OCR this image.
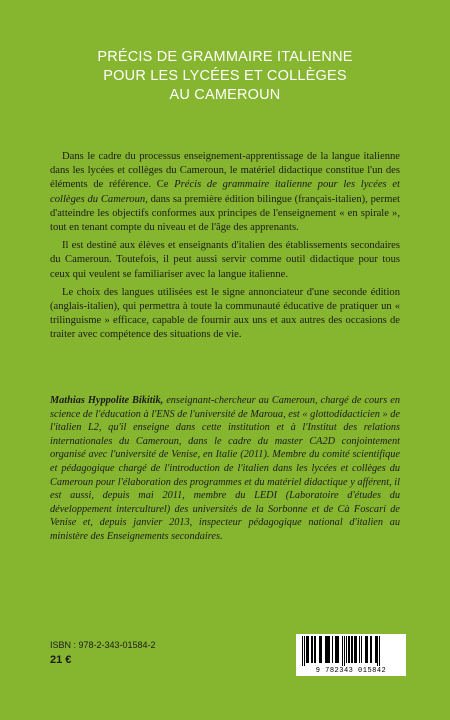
PRÉCIS DE GRAMMAIRE ITALIENNE
POUR LES LYCÉES ET COLLÈGES
AU CAMEROUN

Dans le cadre du processus enseignement-apprentissage de la langue italienne dans les lycées et collèges du Cameroun, le matériel didactique constitue l'un des éléments de référence. Ce Précis de grammaire italienne pour les lycées et collèges du Cameroun, dans sa première édition bilingue (français-italien), permet d'atteindre les objectifs conformes aux principes de l'enseignement « en spirale », tout en tenant compte du niveau et de l'âge des apprenants.

Il est destiné aux élèves et enseignants d'italien des établissements secondaires du Cameroun. Toutefois, il peut aussi servir comme outil didactique pour tous ceux qui veulent se familiariser avec la langue italienne.

Le choix des langues utilisées est le signe annonciateur d'une seconde édition (anglais-italien), qui permettra à toute la communauté éducative de pratiquer un « trilinguisme » efficace, capable de fournir aux uns et aux autres des occasions de traiter avec compétence des situations de vie.

Mathias Hyppolite Bikitik, enseignant-chercheur au Cameroun, chargé de cours en science de l'éducation à l'ENS de l'université de Maroua, est « glottodidacticien » de l'italien L2, qu'il enseigne dans cette institution et à l'Institut des relations internationales du Cameroun, dans le cadre du master CA2D conjointement organisé avec l'université de Venise, en Italie (2011). Membre du comité scientifique et pédagogique chargé de l'introduction de l'italien dans les lycées et collèges du Cameroun pour l'élaboration des programmes et du matériel didactique y afférent, il est aussi, depuis mai 2011, membre du LEDI (Laboratoire d'études du développement interculturel) des universités de la Sorbonne et de Cà Foscari de Venise et, depuis janvier 2013, inspecteur pédagogique national d'italien au ministère des Enseignements secondaires.
ISBN : 978-2-343-01584-2
21 €
9 782343 015842
